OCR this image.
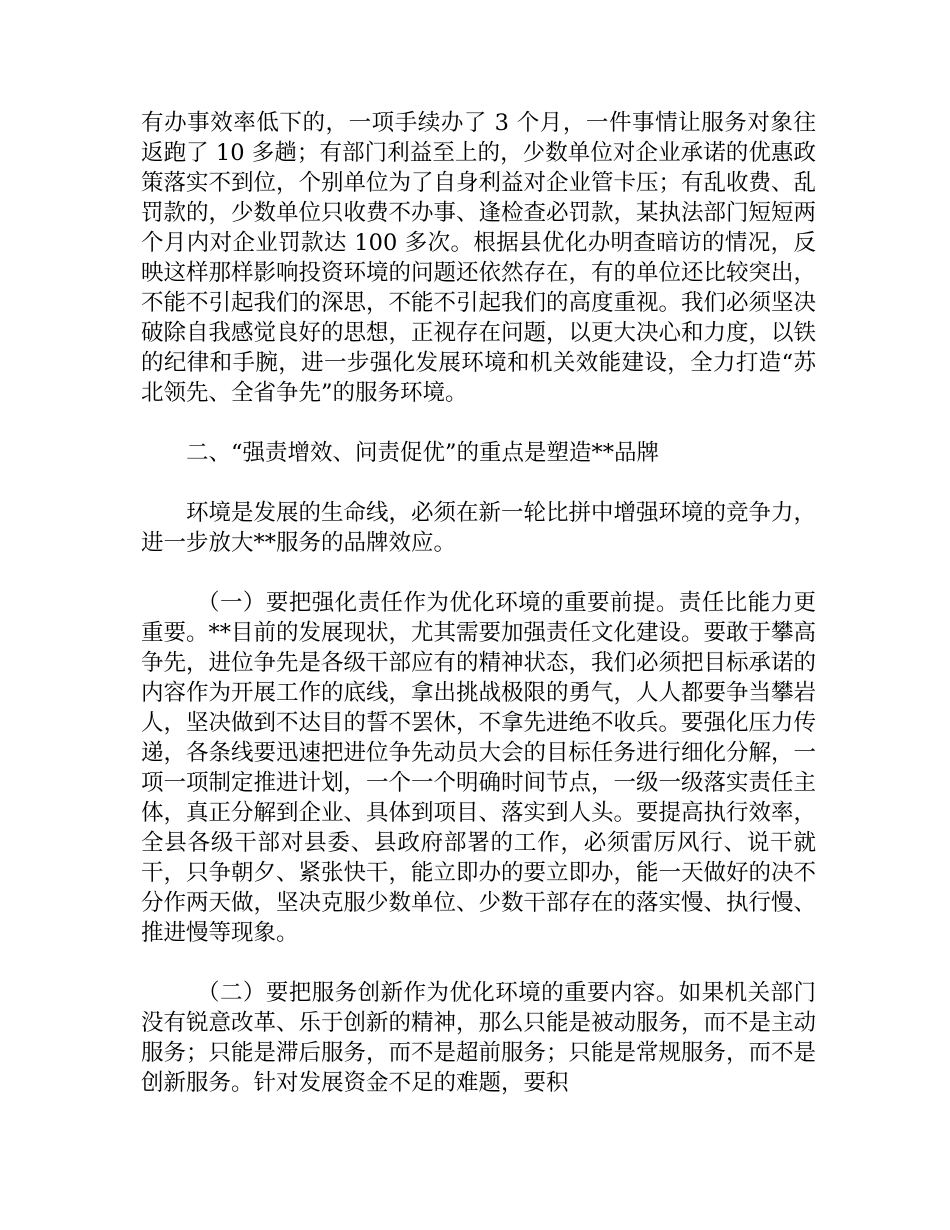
有办事效率低下的，一项手续办了 3 个月，一件事情让服务对象往返跑了 10 多趟；有部门利益至上的，少数单位对企业承诺的优惠政策落实不到位，个别单位为了自身利益对企业管卡压；有乱收费、乱罚款的，少数单位只收费不办事、逢检查必罚款，某执法部门短短两个月内对企业罚款达 100 多次。根据县优化办明查暗访的情况，反映这样那样影响投资环境的问题还依然存在，有的单位还比较突出，不能不引起我们的深思，不能不引起我们的高度重视。我们必须坚决破除自我感觉良好的思想，正视存在问题，以更大决心和力度，以铁的纪律和手腕，进一步强化发展环境和机关效能建设，全力打造“苏北领先、全省争先”的服务环境。

二、“强责增效、问责促优”的重点是塑造**品牌

环境是发展的生命线，必须在新一轮比拼中增强环境的竞争力，进一步放大**服务的品牌效应。

（一）要把强化责任作为优化环境的重要前提。责任比能力更重要。**目前的发展现状，尤其需要加强责任文化建设。要敢于攀高争先，进位争先是各级干部应有的精神状态，我们必须把目标承诺的内容作为开展工作的底线，拿出挑战极限的勇气，人人都要争当攀岩人，坚决做到不达目的誓不罢休，不拿先进绝不收兵。要强化压力传递，各条线要迅速把进位争先动员大会的目标任务进行细化分解，一项一项制定推进计划，一个一个明确时间节点，一级一级落实责任主体，真正分解到企业、具体到项目、落实到人头。要提高执行效率，全县各级干部对县委、县政府部署的工作，必须雷厉风行、说干就干，只争朝夕、紧张快干，能立即办的要立即办，能一天做好的决不分作两天做，坚决克服少数单位、少数干部存在的落实慢、执行慢、推进慢等现象。

（二）要把服务创新作为优化环境的重要内容。如果机关部门没有锐意改革、乐于创新的精神，那么只能是被动服务，而不是主动服务；只能是滞后服务，而不是超前服务；只能是常规服务，而不是创新服务。针对发展资金不足的难题，要积
